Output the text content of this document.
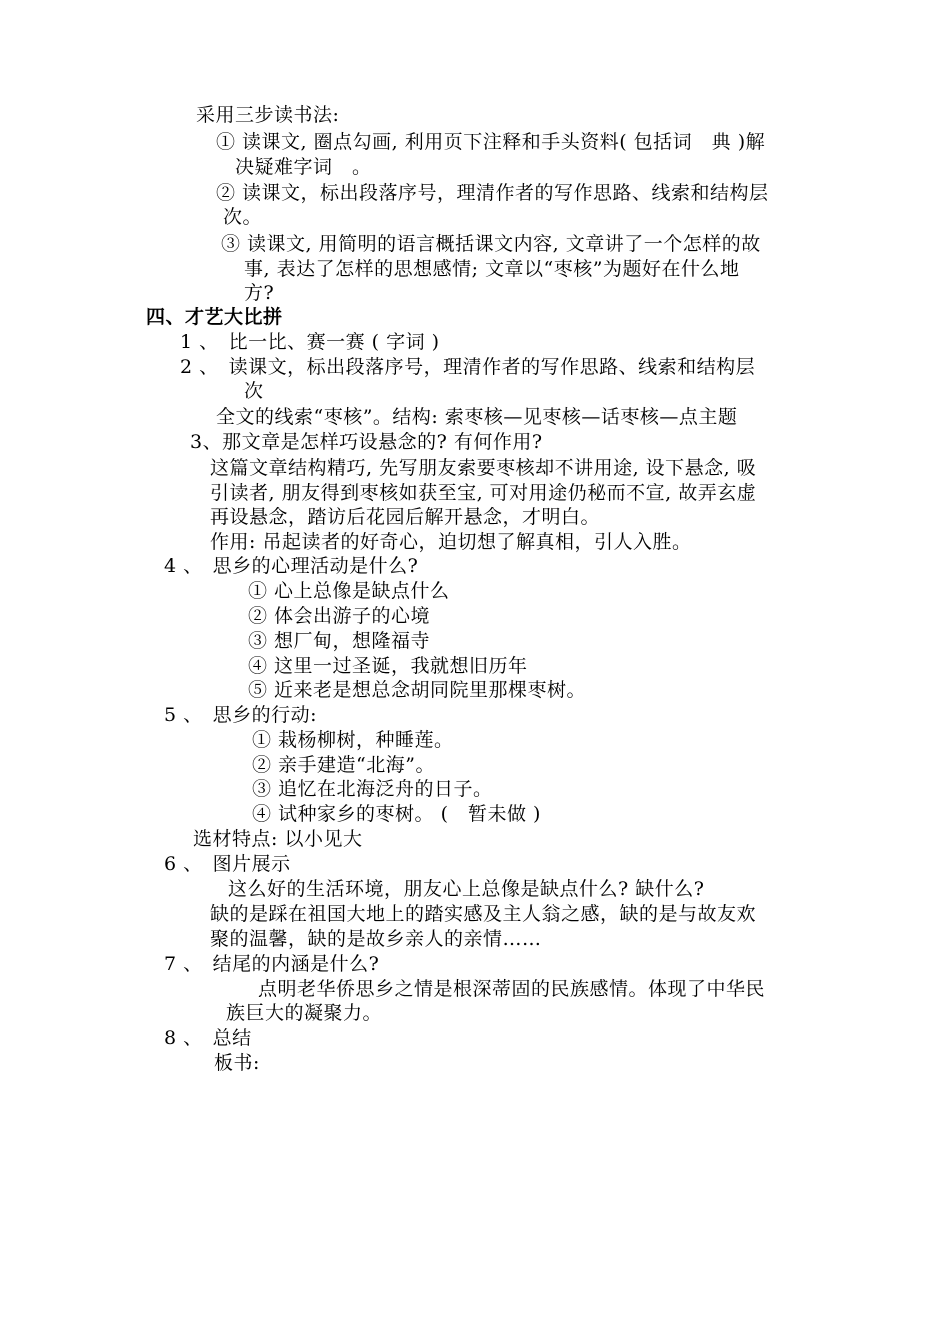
采用三步读书法:
① 读课文, 圈点勾画, 利用页下注释和手头资料( 包括词　典 )解
决疑难字词　。
② 读课文，标出段落序号，理清作者的写作思路、线索和结构层
次。
③ 读课文, 用简明的语言概括课文内容, 文章讲了一个怎样的故
事, 表达了怎样的思想感情; 文章以“枣核”为题好在什么地
方?
四、才艺大比拼
1 、　比一比、赛一赛 ( 字词 )
2 、　读课文，标出段落序号，理清作者的写作思路、线索和结构层
次
全文的线索“枣核”。结构: 索枣核—见枣核—话枣核—点主题
3、那文章是怎样巧设悬念的? 有何作用?
这篇文章结构精巧, 先写朋友索要枣核却不讲用途, 设下悬念, 吸
引读者, 朋友得到枣核如获至宝, 可对用途仍秘而不宣, 故弄玄虚
再设悬念，踏访后花园后解开悬念，才明白。
作用: 吊起读者的好奇心，迫切想了解真相，引人入胜。
4 、　思乡的心理活动是什么?
① 心上总像是缺点什么
② 体会出游子的心境
③ 想厂甸，想隆福寺
④ 这里一过圣诞，我就想旧历年
⑤ 近来老是想总念胡同院里那棵枣树。
5 、　思乡的行动:
① 栽杨柳树，种睡莲。
② 亲手建造“北海”。
③ 追忆在北海泛舟的日子。
④ 试种家乡的枣树。 (　暂未做 )
选材特点: 以小见大
6 、　图片展示
这么好的生活环境，朋友心上总像是缺点什么? 缺什么?
缺的是踩在祖国大地上的踏实感及主人翁之感，缺的是与故友欢
聚的温馨，缺的是故乡亲人的亲情……
7 、　结尾的内涵是什么?
点明老华侨思乡之情是根深蒂固的民族感情。体现了中华民
族巨大的凝聚力。
8 、　总结
板书:
